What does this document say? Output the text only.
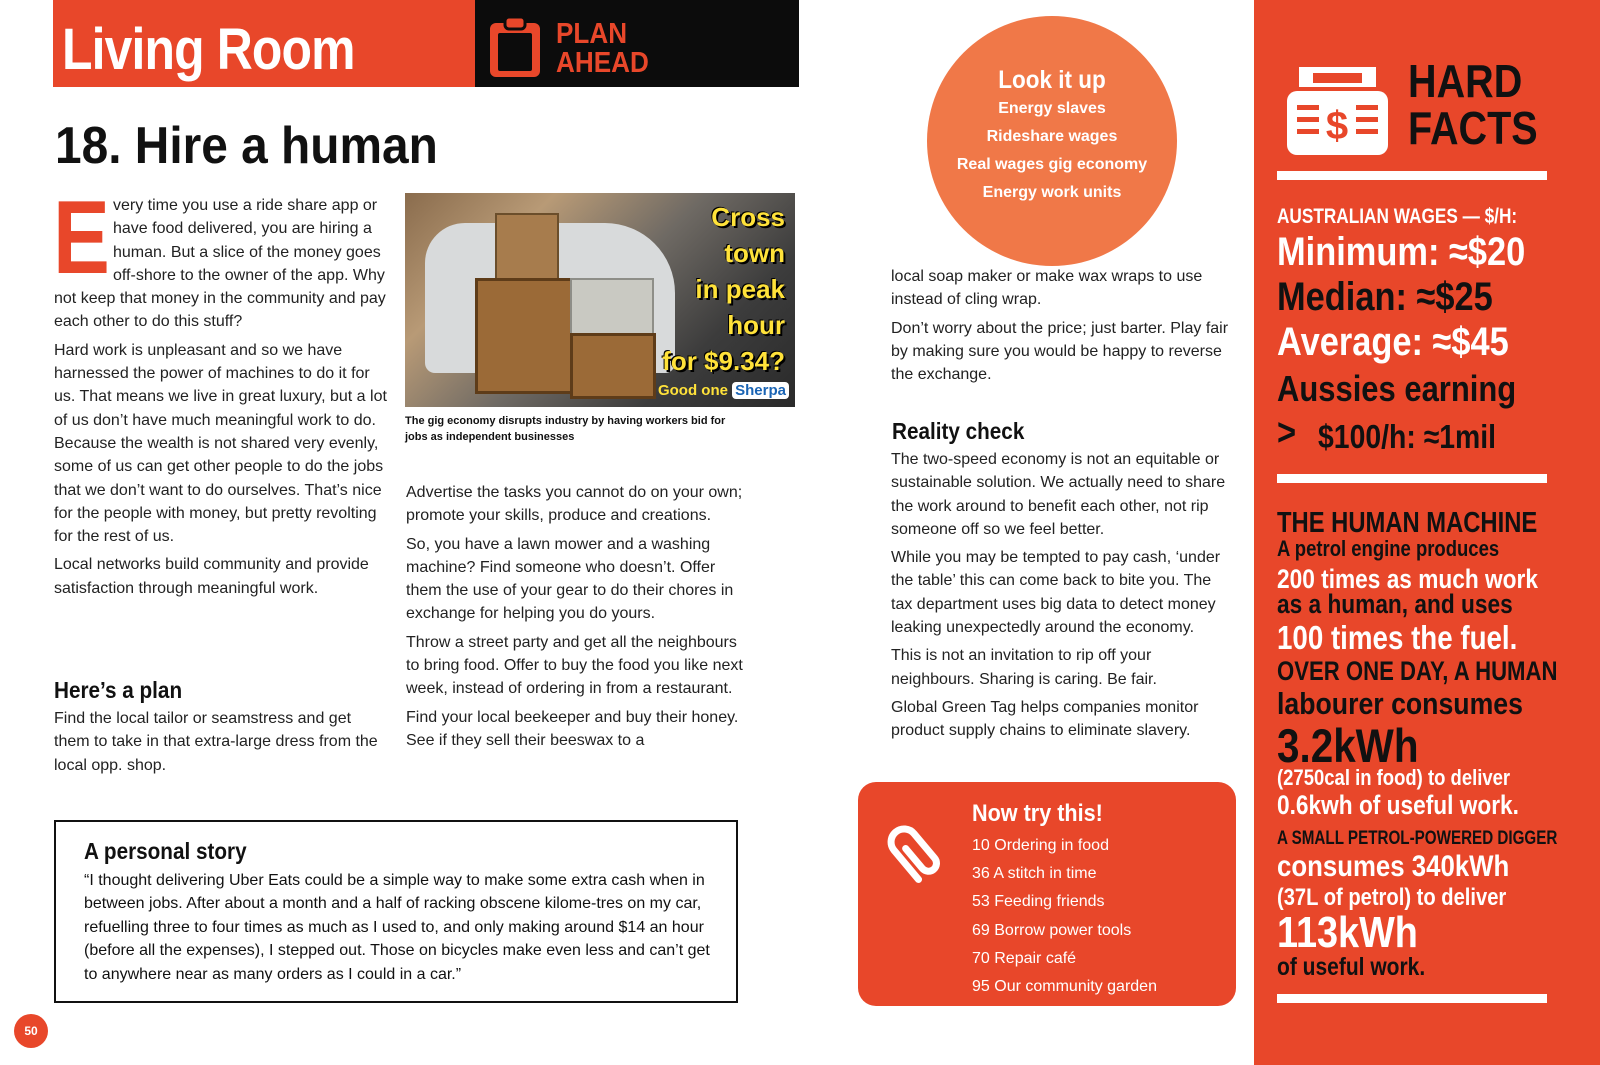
Living Room	PLAN AHEAD
18. Hire a human
E very time you use a ride share app or have food delivered, you are hiring a human. But a slice of the money goes off-shore to the owner of the app. Why not keep that money in the community and pay each other to do this stuff?

Hard work is unpleasant and so we have harnessed the power of machines to do it for us. That means we live in great luxury, but a lot of us don’t have much meaningful work to do. Because the wealth is not shared very evenly, some of us can get other people to do the jobs that we don’t want to do ourselves. That’s nice for the people with money, but pretty revolting for the rest of us.

Local networks build community and provide satisfaction through meaningful work.

Here’s a plan

Find the local tailor or seamstress and get them to take in that extra-large dress from the local opp. shop.

Cross
town
in peak
hour
for $9.34?
Good one Sherpa
The gig economy disrupts industry by having workers bid for jobs as independent businesses

Advertise the tasks you cannot do on your own; promote your skills, produce and creations.

So, you have a lawn mower and a washing machine? Find someone who doesn’t. Offer them the use of your gear to do their chores in exchange for helping you do yours.

Throw a street party and get all the neighbours to bring food. Offer to buy the food you like next week, instead of ordering in from a restaurant.

Find your local beekeeper and buy their honey. See if they sell their beeswax to a

A personal story
“I thought delivering Uber Eats could be a simple way to make some extra cash when in between jobs. After about a month and a half of racking obscene kilome-tres on my car, refuelling three to four times as much as I used to, and only making around $14 an hour (before all the expenses), I stepped out. Those on bicycles make even less and can’t get to anywhere near as many orders as I could in a car.”
50
Look it up
Energy slaves
Rideshare wages
Real wages gig economy
Energy work units

local soap maker or make wax wraps to use instead of cling wrap.

Don’t worry about the price; just barter. Play fair by making sure you would be happy to reverse the exchange.

Reality check

The two-speed economy is not an equitable or sustainable solution. We actually need to share the work around to benefit each other, not rip someone off so we feel better.

While you may be tempted to pay cash, ‘under the table’ this can come back to bite you. The tax department uses big data to detect money leaking unexpectedly around the economy.

This is not an invitation to rip off your neighbours. Sharing is caring. Be fair.

Global Green Tag helps companies monitor product supply chains to eliminate slavery.

Now try this!
10 Ordering in food
36 A stitch in time
53 Feeding friends
69 Borrow power tools
70 Repair café
95 Our community garden
$
HARD
FACTS
AUSTRALIAN WAGES — $/H:
Minimum: ≈$20
Median: ≈$25
Average: ≈$45
Aussies earning
> $100/h: ≈1mil
THE HUMAN MACHINE
A petrol engine produces
200 times as much work
as a human, and uses
100 times the fuel.
OVER ONE DAY, A HUMAN
labourer consumes
3.2kWh
(2750cal in food) to deliver
0.6kwh of useful work.
A SMALL PETROL-POWERED DIGGER
consumes 340kWh
(37L of petrol) to deliver
113kWh
of useful work.
